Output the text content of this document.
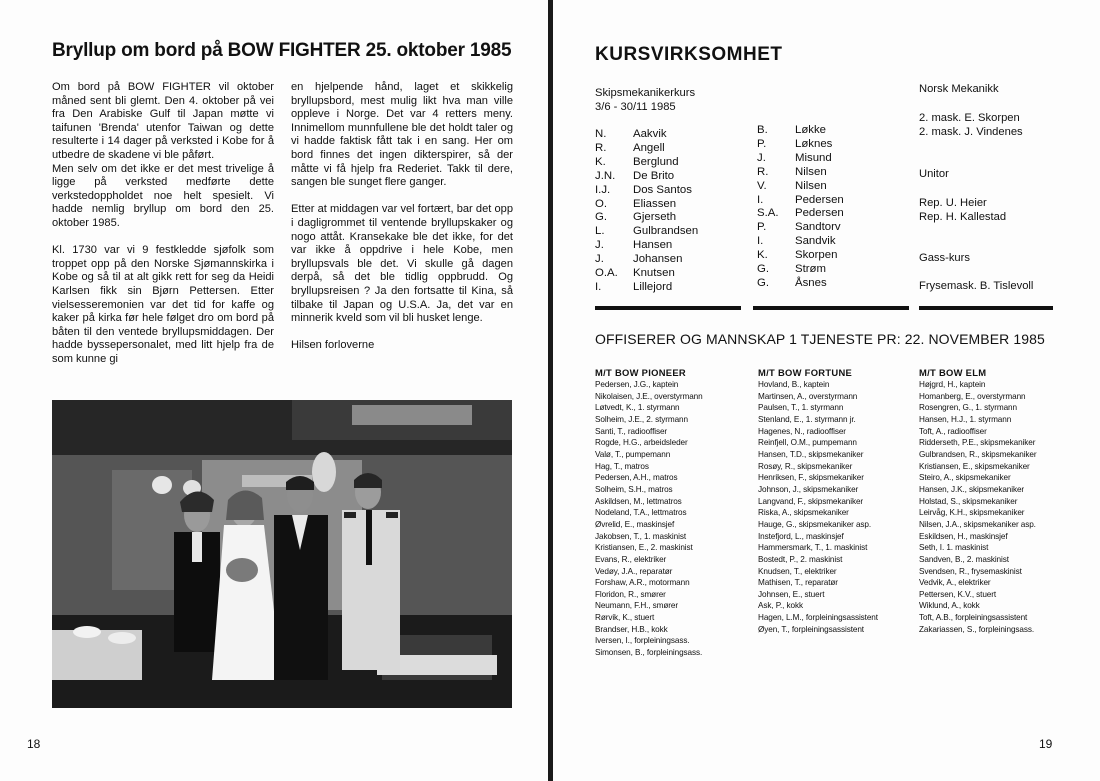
Bryllup om bord på BOW FIGHTER 25. oktober 1985

Om bord på BOW FIGHTER vil oktober måned sent bli glemt. Den 4. oktober på vei fra Den Arabiske Gulf til Japan møtte vi taifunen 'Brenda' utenfor Taiwan og dette resulterte i 14 dager på verksted i Kobe for å utbedre de skadene vi ble påført.

Men selv om det ikke er det mest trivelige å ligge på verksted medførte dette verkstedoppholdet noe helt spesielt. Vi hadde nemlig bryllup om bord den 25. oktober 1985.

Kl. 1730 var vi 9 festkledde sjøfolk som troppet opp på den Norske Sjømannskirka i Kobe og så til at alt gikk rett for seg da Heidi Karlsen fikk sin Bjørn Pettersen. Etter vielsesseremonien var det tid for kaffe og kaker på kirka før hele følget dro om bord på båten til den ventede bryllupsmiddagen. Der hadde byssepersonalet, med litt hjelp fra de som kunne gi

en hjelpende hånd, laget et skikkelig bryllupsbord, mest mulig likt hva man ville oppleve i Norge. Det var 4 retters meny. Innimellom munnfullene ble det holdt taler og vi hadde faktisk fått tak i en sang. Her om bord finnes det ingen dikterspirer, så der måtte vi få hjelp fra Rederiet. Takk til dere, sangen ble sunget flere ganger.

Etter at middagen var vel fortært, bar det opp i dagligrommet til ventende bryllupskaker og nogo attåt. Kransekake ble det ikke, for det var ikke å oppdrive i hele Kobe, men bryllupsvals ble det. Vi skulle gå dagen derpå, så det ble tidlig oppbrudd. Og bryllupsreisen ? Ja den fortsatte til Kina, så tilbake til Japan og U.S.A. Ja, det var en minnerik kveld som vil bli husket lenge.

Hilsen forloverne

18
KURSVIRKSOMHET
Skipsmekanikerkurs
3/6 - 30/11 1985
N.	Aakvik
R.	Angell
K.	Berglund
J.N.	De Brito
I.J.	Dos Santos
O.	Eliassen
G.	Gjerseth
L.	Gulbrandsen
J.	Hansen
J.	Johansen
O.A.	Knutsen
I.	Lillejord
B.	Løkke
P.	Løknes
J.	Misund
R.	Nilsen
V.	Nilsen
I.	Pedersen
S.A.	Pedersen
P.	Sandtorv
I.	Sandvik
K.	Skorpen
G.	Strøm
G.	Åsnes
Norsk Mekanikk
2. mask. E. Skorpen
2. mask. J. Vindenes
Unitor
Rep. U. Heier
Rep. H. Kallestad
Gass-kurs
Frysemask. B. Tislevoll
OFFISERER OG MANNSKAP 1 TJENESTE PR: 22. NOVEMBER 1985
M/T BOW PIONEER
Pedersen, J.G., kaptein
Nikolaisen, J.E., overstyrmann
Løtvedt, K., 1. styrmann
Solheim, J.E., 2. styrmann
Santi, T., radiooffiser
Rogde, H.G., arbeidsleder
Valø, T., pumpemann
Hag, T., matros
Pedersen, A.H., matros
Solheim, S.H., matros
Askildsen, M., lettmatros
Nodeland, T.A., lettmatros
Øvrelid, E., maskinsjef
Jakobsen, T., 1. maskinist
Kristiansen, E., 2. maskinist
Evans, R., elektriker
Vedøy, J.A., reparatør
Forshaw, A.R., motormann
Floridon, R., smører
Neumann, F.H., smører
Rørvik, K., stuert
Brandser, H.B., kokk
Iversen, I., forpleiningsass.
Simonsen, B., forpleiningsass.
M/T BOW FORTUNE
Hovland, B., kaptein
Martinsen, A., overstyrmann
Paulsen, T., 1. styrmann
Stenland, E., 1. styrmann jr.
Hagenes, N., radiooffiser
Reinfjell, O.M., pumpemann
Hansen, T.D., skipsmekaniker
Rosøy, R., skipsmekaniker
Henriksen, F., skipsmekaniker
Johnson, J., skipsmekaniker
Langvand, F., skipsmekaniker
Riska, A., skipsmekaniker
Hauge, G., skipsmekaniker asp.
Instefjord, L., maskinsjef
Hammersmark, T., 1. maskinist
Bostedt, P., 2. maskinist
Knudsen, T., elektriker
Mathisen, T., reparatør
Johnsen, E., stuert
Ask, P., kokk
Hagen, L.M., forpleiningsassistent
Øyen, T., forpleiningsassistent
M/T BOW ELM
Højgrd, H., kaptein
Homanberg, E., overstyrmann
Rosengren, G., 1. styrmann
Hansen, H.J., 1. styrmann
Toft, A., radiooffiser
Ridderseth, P.E., skipsmekaniker
Gulbrandsen, R., skipsmekaniker
Kristiansen, E., skipsmekaniker
Steiro, A., skipsmekaniker
Hansen, J.K., skipsmekaniker
Holstad, S., skipsmekaniker
Leirvåg, K.H., skipsmekaniker
Nilsen, J.A., skipsmekaniker asp.
Eskildsen, H., maskinsjef
Seth, I. 1. maskinist
Sandven, B., 2. maskinist
Svendsen, R., frysemaskinist
Vedvik, A., elektriker
Pettersen, K.V., stuert
Wiklund, A., kokk
Toft, A.B., forpleiningsassistent
Zakariassen, S., forpleiningsass.
19
